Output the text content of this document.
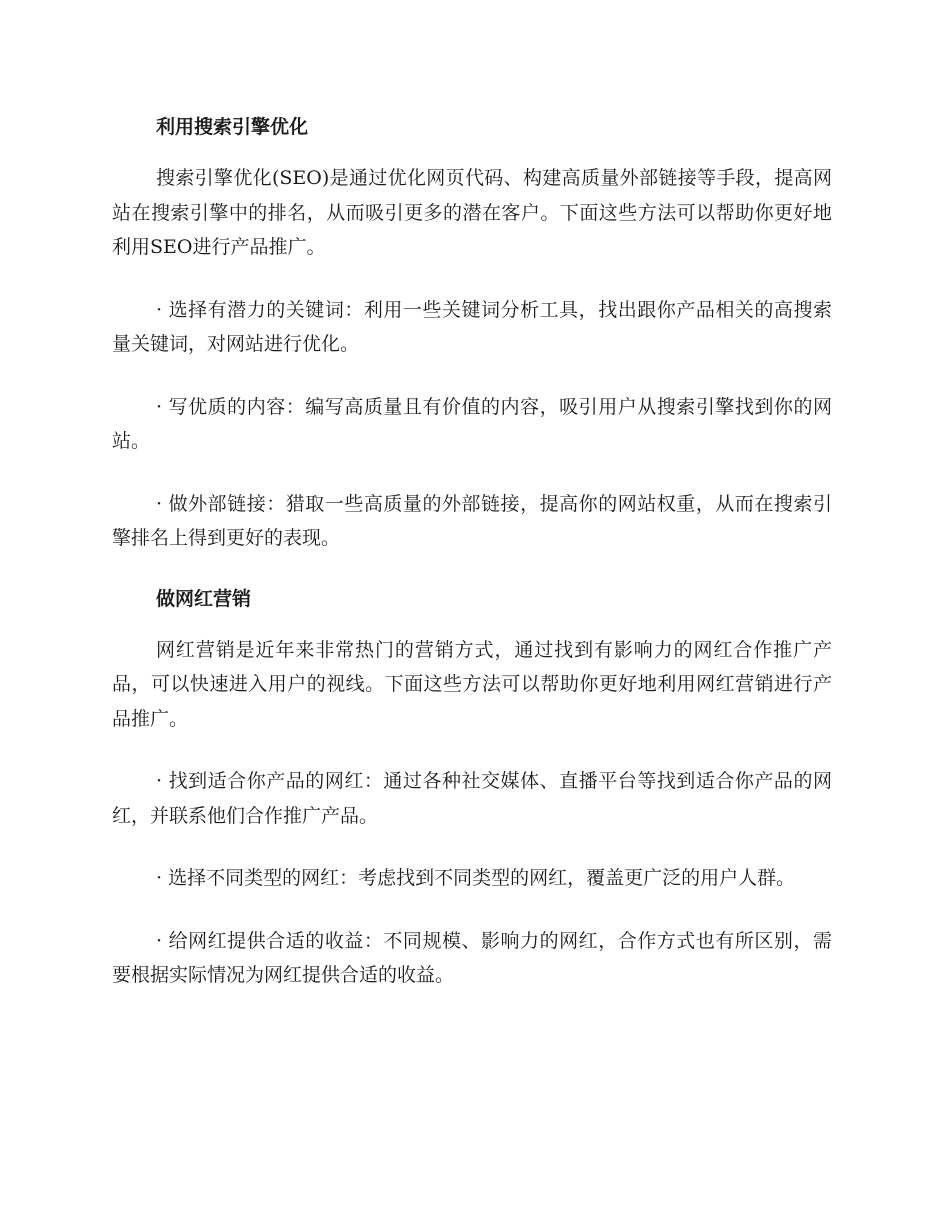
利用搜索引擎优化

搜索引擎优化(SEO)是通过优化网页代码、构建高质量外部链接等手段，提高网站在搜索引擎中的排名，从而吸引更多的潜在客户。下面这些方法可以帮助你更好地利用SEO进行产品推广。

· 选择有潜力的关键词：利用一些关键词分析工具，找出跟你产品相关的高搜索量关键词，对网站进行优化。

· 写优质的内容：编写高质量且有价值的内容，吸引用户从搜索引擎找到你的网站。

· 做外部链接：猎取一些高质量的外部链接，提高你的网站权重，从而在搜索引擎排名上得到更好的表现。

做网红营销

网红营销是近年来非常热门的营销方式，通过找到有影响力的网红合作推广产品，可以快速进入用户的视线。下面这些方法可以帮助你更好地利用网红营销进行产品推广。

· 找到适合你产品的网红：通过各种社交媒体、直播平台等找到适合你产品的网红，并联系他们合作推广产品。

· 选择不同类型的网红：考虑找到不同类型的网红，覆盖更广泛的用户人群。

· 给网红提供合适的收益：不同规模、影响力的网红，合作方式也有所区别，需要根据实际情况为网红提供合适的收益。
